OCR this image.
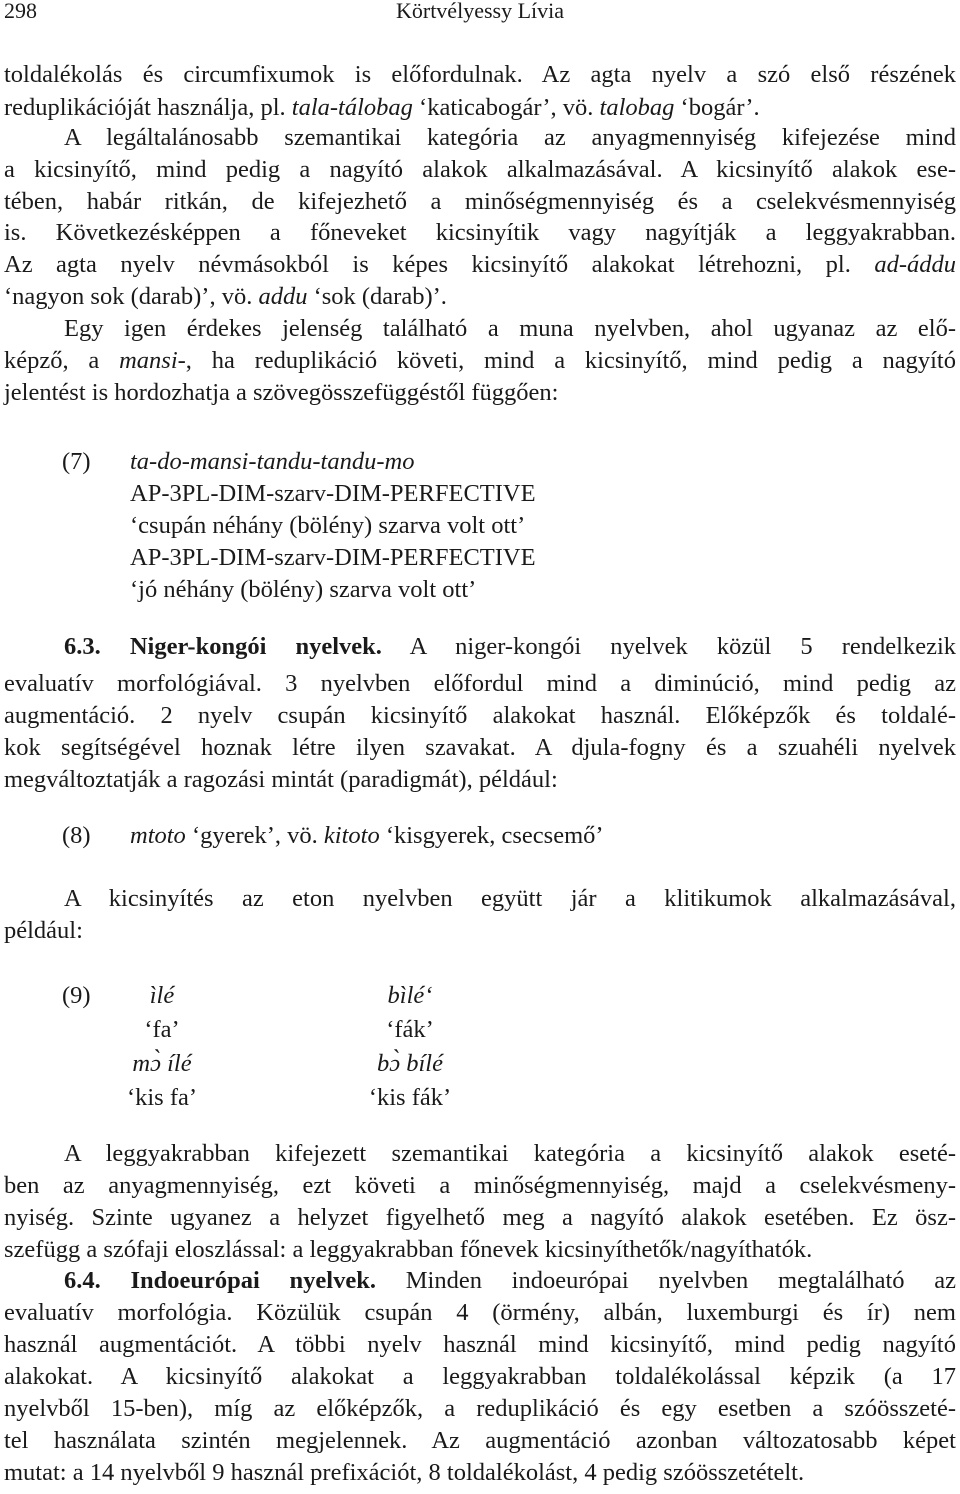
298	Körtvélyessy Lívia
toldalékolás és circumfixumok is előfordulnak. Az agta nyelv a szó első részének
reduplikációját használja, pl. tala-tálobag ‘katicabogár’, vö. talobag ‘bogár’.
A legáltalánosabb szemantikai kategória az anyagmennyiség kifejezése mind
a kicsinyítő, mind pedig a nagyító alakok alkalmazásával. A kicsinyítő alakok ese-
tében, habár ritkán, de kifejezhető a minőségmennyiség és a cselekvésmennyiség
is. Következésképpen a főneveket kicsinyítik vagy nagyítják a leggyakrabban.
Az agta nyelv névmásokból is képes kicsinyítő alakokat létrehozni, pl. ad-áddu
‘nagyon sok (darab)’, vö. addu ‘sok (darab)’.
Egy igen érdekes jelenség található a muna nyelvben, ahol ugyanaz az elő-
képző, a mansi-, ha reduplikáció követi, mind a kicsinyítő, mind pedig a nagyító
jelentést is hordozhatja a szövegösszefüggéstől függően:
(7) ta-do-mansi-tandu-tandu-mo
AP-3PL-DIM-szarv-DIM-PERFECTIVE
‘csupán néhány (bölény) szarva volt ott’
AP-3PL-DIM-szarv-DIM-PERFECTIVE
‘jó néhány (bölény) szarva volt ott’
6.3. Niger-kongói nyelvek. A niger-kongói nyelvek közül 5 rendelkezik
evaluatív morfológiával. 3 nyelvben előfordul mind a diminúció, mind pedig az
augmentáció. 2 nyelv csupán kicsinyítő alakokat használ. Előképzők és toldalé-
kok segítségével hoznak létre ilyen szavakat. A djula-fogny és a szuahéli nyelvek
megváltoztatják a ragozási mintát (paradigmát), például:
(8) mtoto ‘gyerek’, vö. kitoto ‘kisgyerek, csecsemő’
A kicsinyítés az eton nyelvben együtt jár a klitikumok alkalmazásával,
például:
(9)	ìlé
‘fa’
mɔ̀ ílé
‘kis fa’
bìlé‘
‘fák’
bɔ̀ bílé
‘kis fák’
A leggyakrabban kifejezett szemantikai kategória a kicsinyítő alakok eseté-
ben az anyagmennyiség, ezt követi a minőségmennyiség, majd a cselekvésmeny-
nyiség. Szinte ugyanez a helyzet figyelhető meg a nagyító alakok esetében. Ez ösz-
szefügg a szófaji eloszlással: a leggyakrabban főnevek kicsinyíthetők/nagyíthatók.
6.4. Indoeurópai nyelvek. Minden indoeurópai nyelvben megtalálható az
evaluatív morfológia. Közülük csupán 4 (örmény, albán, luxemburgi és ír) nem
használ augmentációt. A többi nyelv használ mind kicsinyítő, mind pedig nagyító
alakokat. A kicsinyítő alakokat a leggyakrabban toldalékolással képzik (a 17
nyelvből 15-ben), míg az előképzők, a reduplikáció és egy esetben a szóösszeté-
tel használata szintén megjelennek. Az augmentáció azonban változatosabb képet
mutat: a 14 nyelvből 9 használ prefixációt, 8 toldalékolást, 4 pedig szóösszetételt.
